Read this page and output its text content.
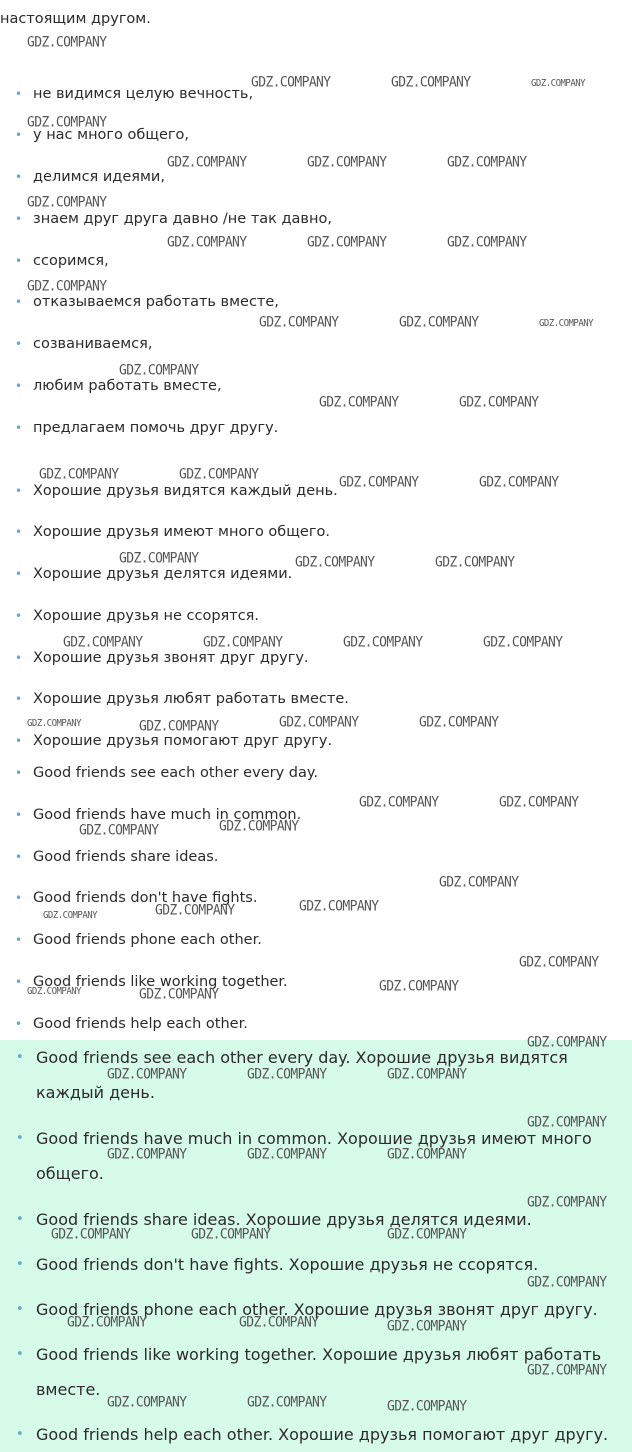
настоящим другом.
• не видимся целую вечность,
• у нас много общего,
• делимся идеями,
• знаем друг друга давно /не так давно,
• ссоримся,
• отказываемся работать вместе,
• созваниваемся,
• любим работать вместе,
• предлагаем помочь друг другу.
• Хорошие друзья видятся каждый день.
• Хорошие друзья имеют много общего.
• Хорошие друзья делятся идеями.
• Хорошие друзья не ссорятся.
• Хорошие друзья звонят друг другу.
• Хорошие друзья любят работать вместе.
• Хорошие друзья помогают друг другу.
• Good friends see each other every day.
• Good friends have much in common.
• Good friends share ideas.
• Good friends don't have fights.
• Good friends phone each other.
• Good friends like working together.
• Good friends help each other.
• Good friends see each other every day. Хорошие друзья видятся каждый день.
• Good friends have much in common. Хорошие друзья имеют много общего.
• Good friends share ideas. Хорошие друзья делятся идеями.
• Good friends don't have fights. Хорошие друзья не ссорятся.
• Good friends phone each other. Хорошие друзья звонят друг другу.
• Good friends like working together. Хорошие друзья любят работать вместе.
• Good friends help each other. Хорошие друзья помогают друг другу.
GDZ.COMPANY
GDZ.COMPANY	GDZ.COMPANY	GDZ.COMPANY
GDZ.COMPANY
GDZ.COMPANY	GDZ.COMPANY	GDZ.COMPANY
GDZ.COMPANY
GDZ.COMPANY	GDZ.COMPANY	GDZ.COMPANY
GDZ.COMPANY
GDZ.COMPANY	GDZ.COMPANY	GDZ.COMPANY
GDZ.COMPANY
GDZ.COMPANY	GDZ.COMPANY
GDZ.COMPANY	GDZ.COMPANY	GDZ.COMPANY	GDZ.COMPANY
GDZ.COMPANY	GDZ.COMPANY	GDZ.COMPANY
GDZ.COMPANY	GDZ.COMPANY	GDZ.COMPANY	GDZ.COMPANY
GDZ.COMPANY	GDZ.COMPANY	GDZ.COMPANY	GDZ.COMPANY
GDZ.COMPANY	GDZ.COMPANY
GDZ.COMPANY	GDZ.COMPANY
GDZ.COMPANY
GDZ.COMPANY	GDZ.COMPANY	GDZ.COMPANY
GDZ.COMPANY
GDZ.COMPANY	GDZ.COMPANY	GDZ.COMPANY
GDZ.COMPANY
GDZ.COMPANY	GDZ.COMPANY	GDZ.COMPANY
GDZ.COMPANY
GDZ.COMPANY	GDZ.COMPANY	GDZ.COMPANY
GDZ.COMPANY
GDZ.COMPANY	GDZ.COMPANY	GDZ.COMPANY
GDZ.COMPANY
GDZ.COMPANY	GDZ.COMPANY	GDZ.COMPANY
GDZ.COMPANY
GDZ.COMPANY	GDZ.COMPANY	GDZ.COMPANY
